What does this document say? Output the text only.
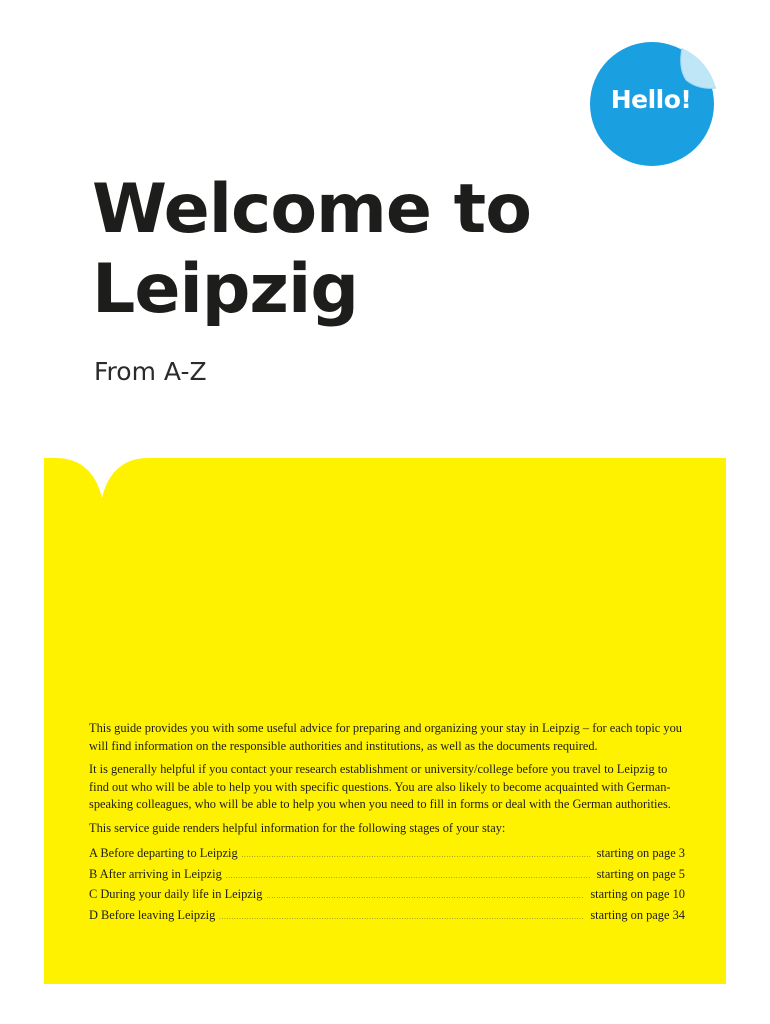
Hello!
Welcome to
Leipzig
From A-Z

This guide provides you with some useful advice for preparing and organizing your stay in Leipzig – for each topic you will find information on the responsible authorities and institutions, as well as the documents required.

It is generally helpful if you contact your research establishment or university/college before you travel to Leipzig to find out who will be able to help you with specific questions. You are also likely to become acquainted with German-speaking colleagues, who will be able to help you when you need to fill in forms or deal with the German authorities.

This service guide renders helpful information for the following stages of your stay:

A Before departing to Leipzig .....	starting on page 3
B After arriving in Leipzig .....	starting on page 5
C During your daily life in Leipzig .....	starting on page 10
D Before leaving Leipzig .....	starting on page 34
